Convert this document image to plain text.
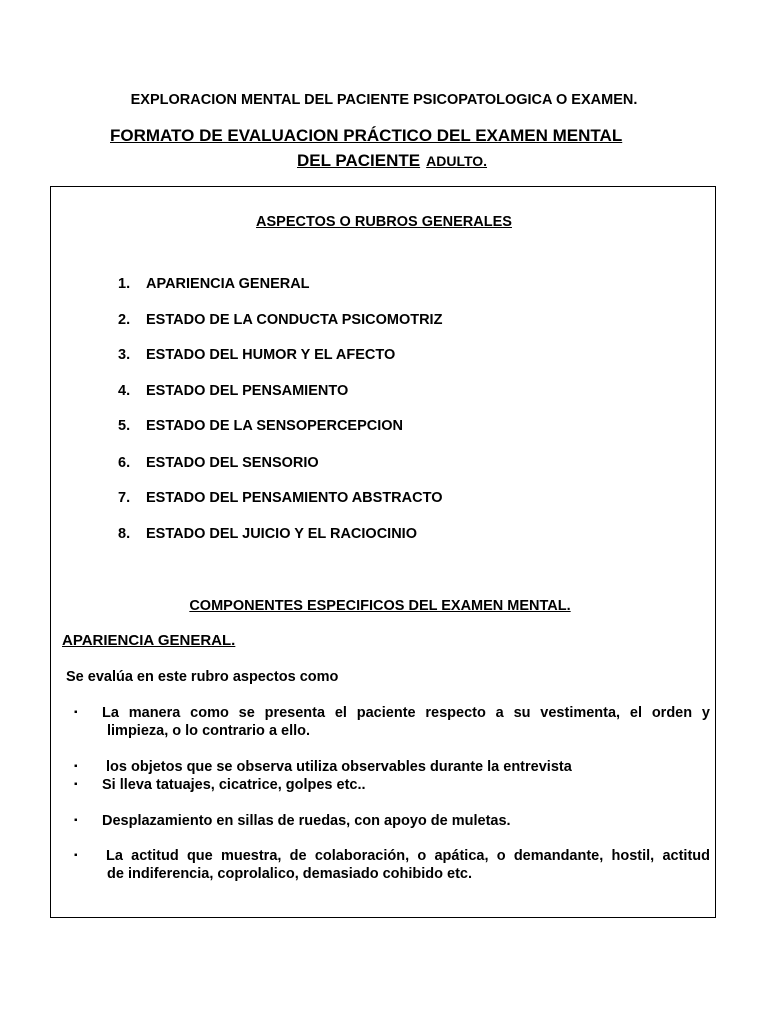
EXPLORACION MENTAL DEL PACIENTE PSICOPATOLOGICA O EXAMEN.
FORMATO DE EVALUACION PRÁCTICO DEL EXAMEN MENTAL
DEL PACIENTE ADULTO.
ASPECTOS O RUBROS GENERALES
1. APARIENCIA GENERAL
2. ESTADO DE LA CONDUCTA PSICOMOTRIZ
3. ESTADO DEL HUMOR Y EL AFECTO
4. ESTADO DEL PENSAMIENTO
5. ESTADO DE LA SENSOPERCEPCION
6. ESTADO DEL SENSORIO
7. ESTADO DEL PENSAMIENTO ABSTRACTO
8. ESTADO DEL JUICIO Y EL RACIOCINIO
COMPONENTES ESPECIFICOS DEL EXAMEN MENTAL.
APARIENCIA GENERAL.
Se evalúa en este rubro aspectos como
▪ La manera como se presenta el paciente respecto a su vestimenta, el orden y
limpieza, o lo contrario a ello.
▪ los objetos que se observa utiliza observables durante la entrevista
▪ Si lleva tatuajes, cicatrice, golpes etc..
▪ Desplazamiento en sillas de ruedas, con apoyo de muletas.
▪ La actitud que muestra, de colaboración, o apática, o demandante, hostil, actitud
de indiferencia, coprolalico, demasiado cohibido etc.
